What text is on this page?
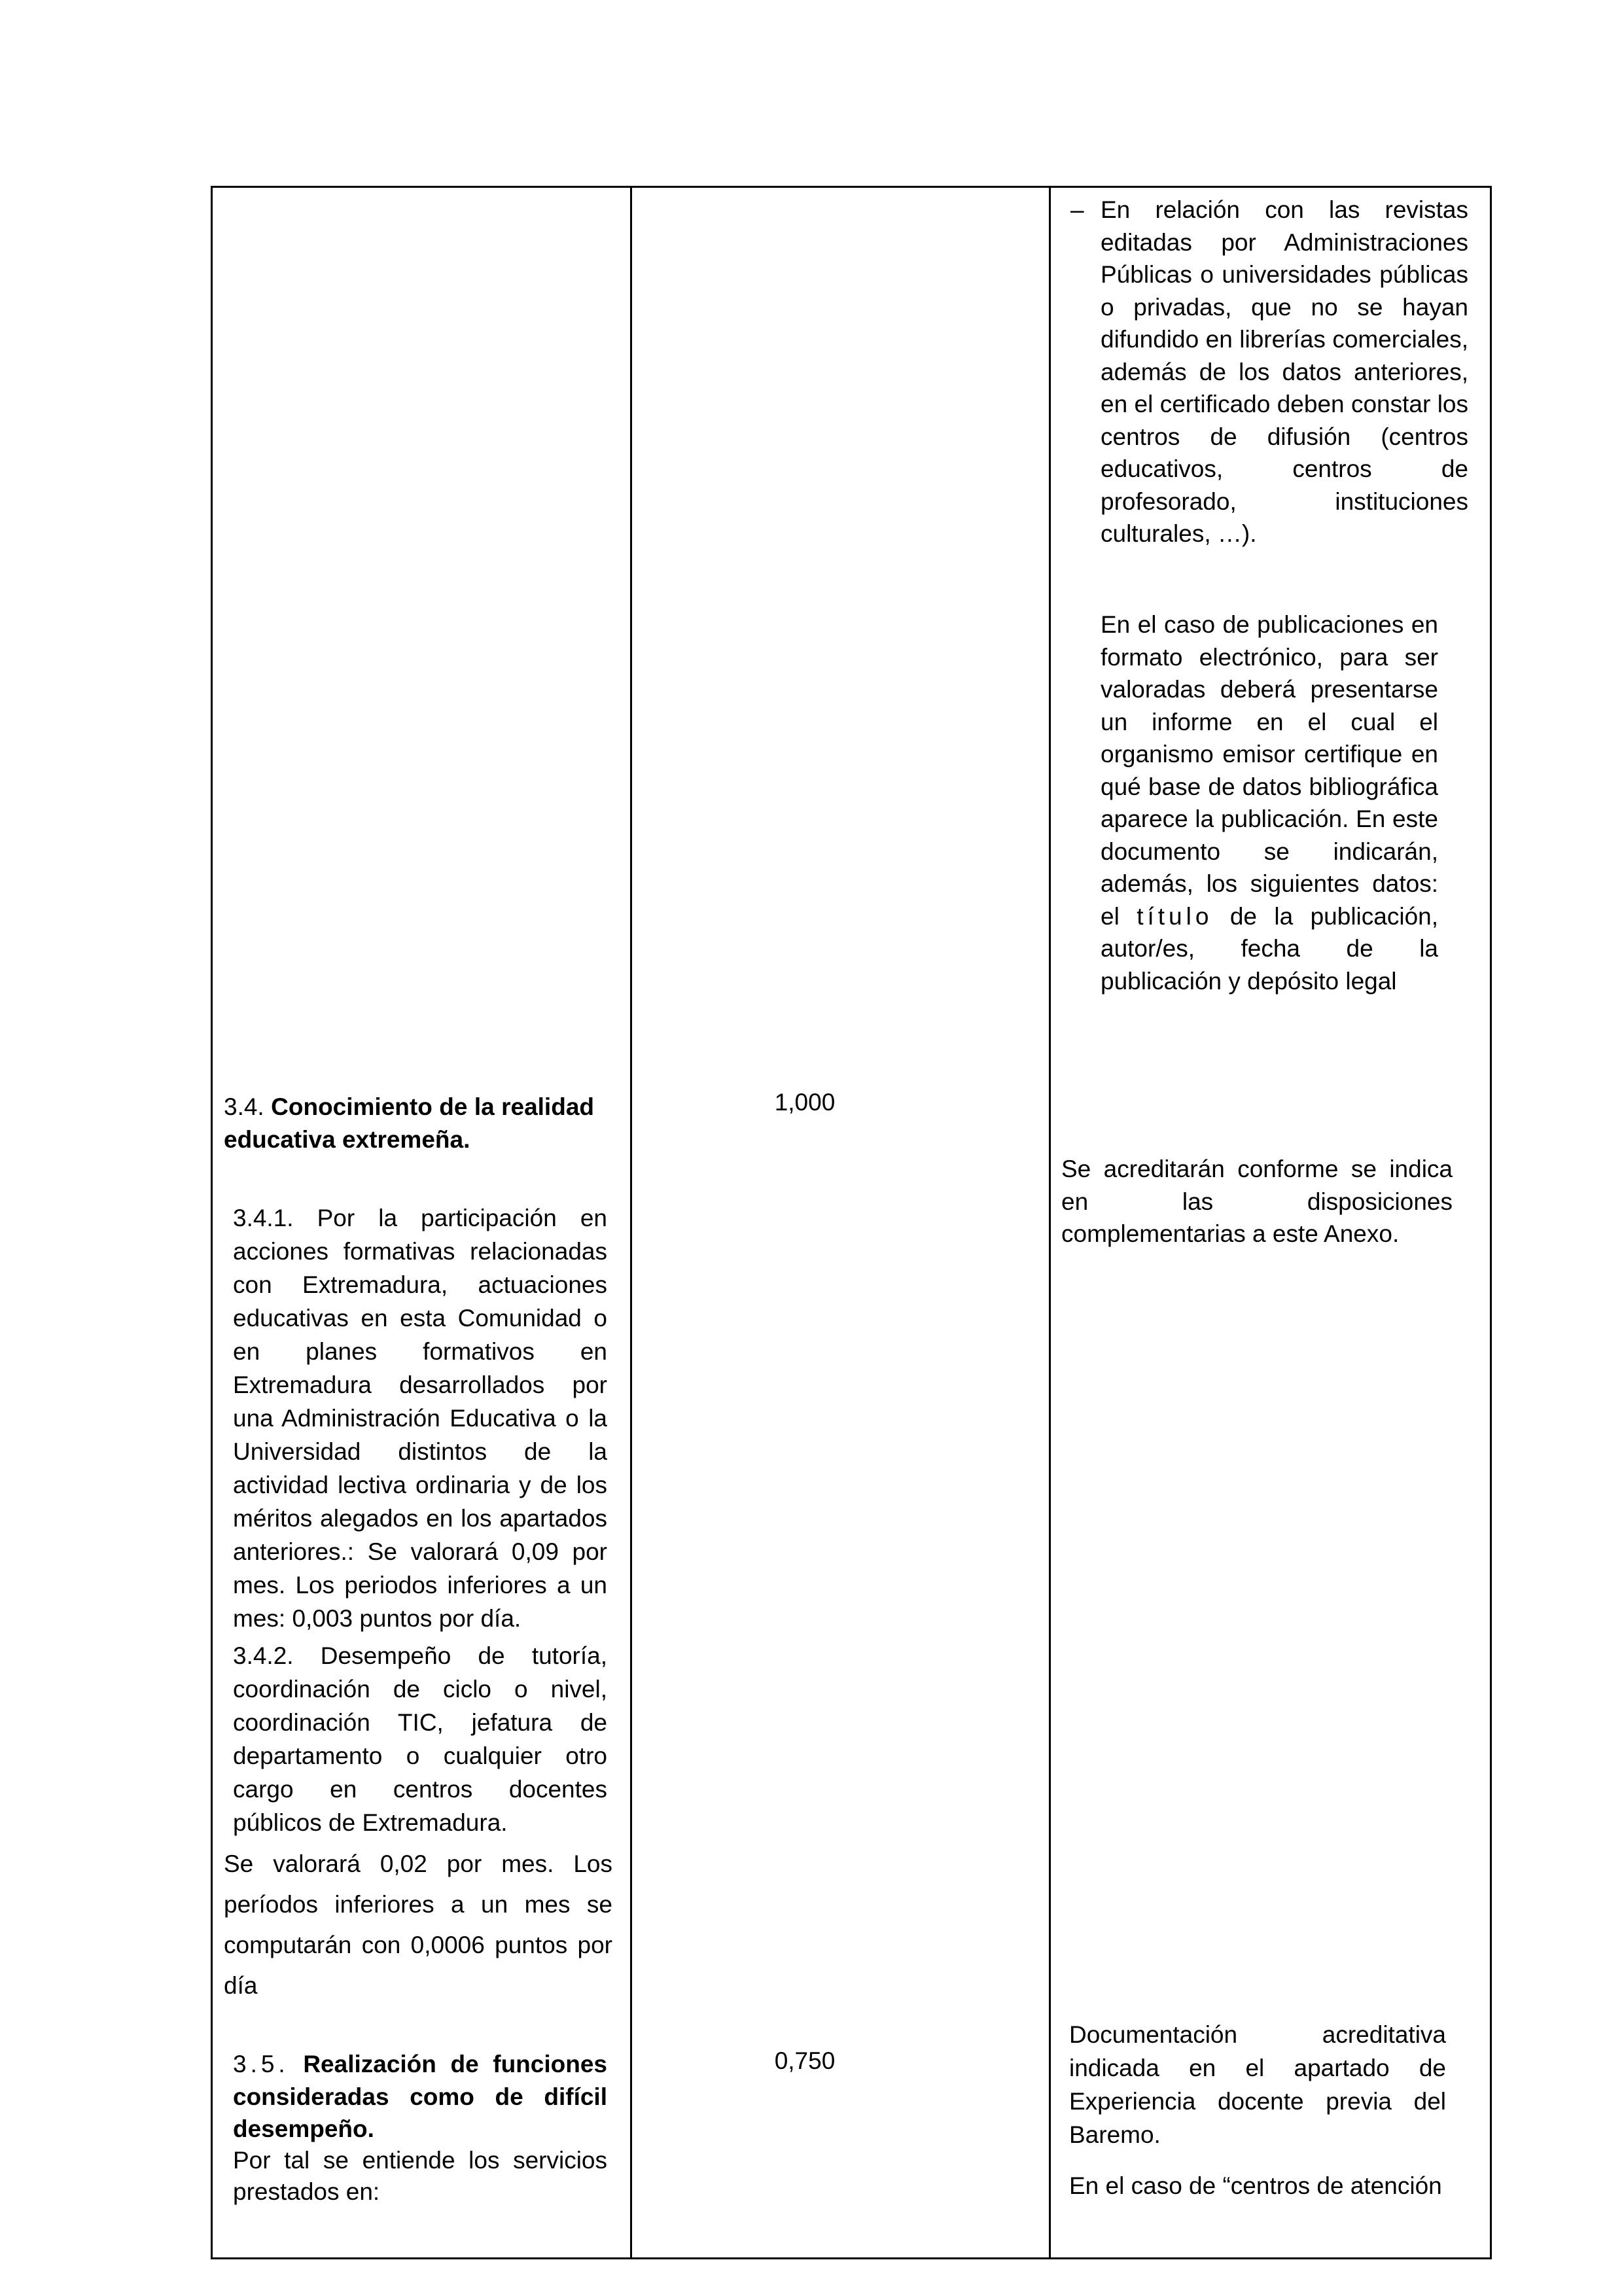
– En relación con las revistas editadas por Administraciones Públicas o universidades públicas o privadas, que no se hayan difundido en librerías comerciales, además de los datos anteriores, en el certificado deben constar los centros de difusión (centros educativos, centros de profesorado, instituciones culturales, …).

En el caso de publicaciones en formato electrónico, para ser valoradas deberá presentarse un informe en el cual el organismo emisor certifique en qué base de datos bibliográfica aparece la publicación. En este documento se indicarán, además, los siguientes datos: el título de la publicación, autor/es, fecha de la publicación y depósito legal

3.4. Conocimiento de la realidad educativa extremeña.

1,000

Se acreditarán conforme se indica en las disposiciones complementarias a este Anexo.

3.4.1. Por la participación en acciones formativas relacionadas con Extremadura, actuaciones educativas en esta Comunidad o en planes formativos en Extremadura desarrollados por una Administración Educativa o la Universidad distintos de la actividad lectiva ordinaria y de los méritos alegados en los apartados anteriores.: Se valorará 0,09 por mes. Los periodos inferiores a un mes: 0,003 puntos por día.

3.4.2. Desempeño de tutoría, coordinación de ciclo o nivel, coordinación TIC, jefatura de departamento o cualquier otro cargo en centros docentes públicos de Extremadura.

Se valorará 0,02 por mes. Los períodos inferiores a un mes se computarán con 0,0006 puntos por día

3.5. Realización de funciones consideradas como de difícil desempeño.

Por tal se entiende los servicios prestados en:

0,750

Documentación acreditativa indicada en el apartado de Experiencia docente previa del Baremo.

En el caso de “centros de atención
